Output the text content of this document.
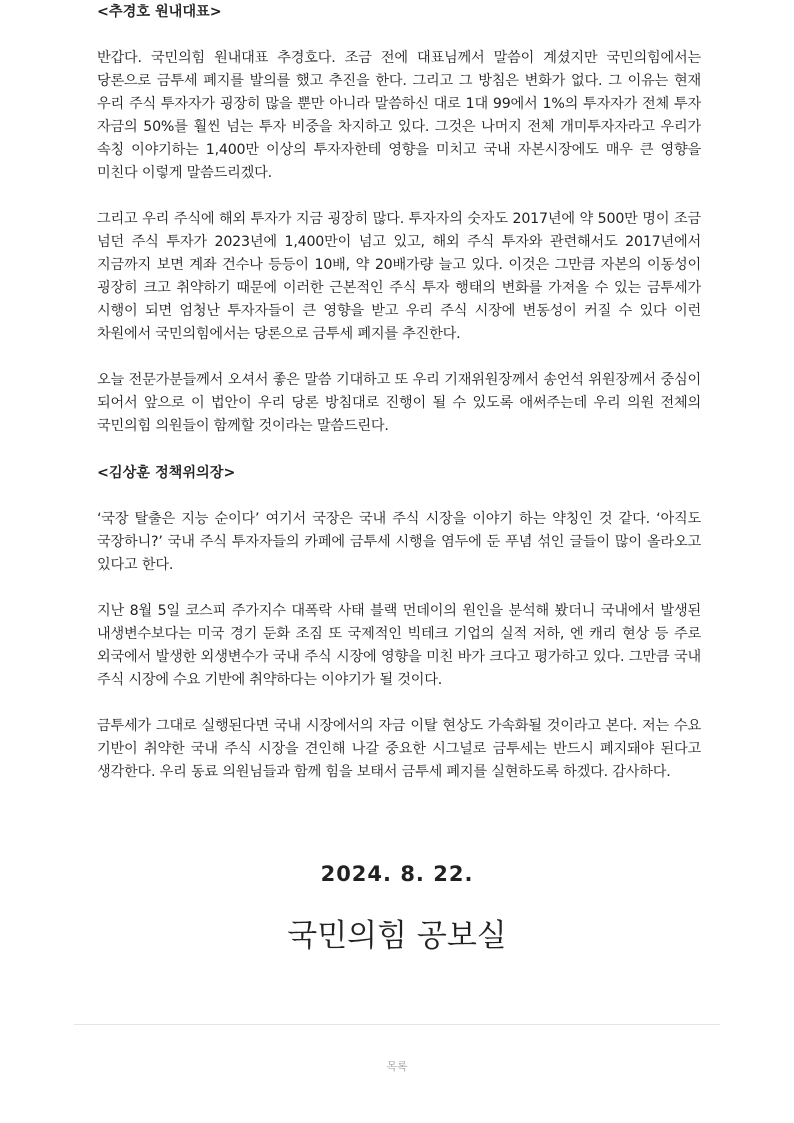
<추경호 원내대표>

반갑다. 국민의힘 원내대표 추경호다. 조금 전에 대표님께서 말씀이 계셨지만 국민의힘에서는 당론으로 금투세 폐지를 발의를 했고 추진을 한다. 그리고 그 방침은 변화가 없다. 그 이유는 현재 우리 주식 투자자가 굉장히 많을 뿐만 아니라 말씀하신 대로 1대 99에서 1%의 투자자가 전체 투자 자금의 50%를 훨씬 넘는 투자 비중을 차지하고 있다. 그것은 나머지 전체 개미투자자라고 우리가 속칭 이야기하는 1,400만 이상의 투자자한테 영향을 미치고 국내 자본시장에도 매우 큰 영향을 미친다 이렇게 말씀드리겠다.

그리고 우리 주식에 해외 투자가 지금 굉장히 많다. 투자자의 숫자도 2017년에 약 500만 명이 조금 넘던 주식 투자가 2023년에 1,400만이 넘고 있고, 해외 주식 투자와 관련해서도 2017년에서 지금까지 보면 계좌 건수나 등등이 10배, 약 20배가량 늘고 있다. 이것은 그만큼 자본의 이동성이 굉장히 크고 취약하기 때문에 이러한 근본적인 주식 투자 행태의 변화를 가져올 수 있는 금투세가 시행이 되면 엄청난 투자자들이 큰 영향을 받고 우리 주식 시장에 변동성이 커질 수 있다 이런 차원에서 국민의힘에서는 당론으로 금투세 폐지를 추진한다.

오늘 전문가분들께서 오셔서 좋은 말씀 기대하고 또 우리 기재위원장께서 송언석 위원장께서 중심이 되어서 앞으로 이 법안이 우리 당론 방침대로 진행이 될 수 있도록 애써주는데 우리 의원 전체의 국민의힘 의원들이 함께할 것이라는 말씀드린다.

<김상훈 정책위의장>

‘국장 탈출은 지능 순이다’ 여기서 국장은 국내 주식 시장을 이야기 하는 약칭인 것 같다. ‘아직도 국장하니?’ 국내 주식 투자자들의 카페에 금투세 시행을 염두에 둔 푸념 섞인 글들이 많이 올라오고 있다고 한다.

지난 8월 5일 코스피 주가지수 대폭락 사태 블랙 먼데이의 원인을 분석해 봤더니 국내에서 발생된 내생변수보다는 미국 경기 둔화 조짐 또 국제적인 빅테크 기업의 실적 저하, 엔 캐리 현상 등 주로 외국에서 발생한 외생변수가 국내 주식 시장에 영향을 미친 바가 크다고 평가하고 있다. 그만큼 국내 주식 시장에 수요 기반에 취약하다는 이야기가 될 것이다.

금투세가 그대로 실행된다면 국내 시장에서의 자금 이탈 현상도 가속화될 것이라고 본다. 저는 수요 기반이 취약한 국내 주식 시장을 견인해 나갈 중요한 시그널로 금투세는 반드시 폐지돼야 된다고 생각한다. 우리 동료 의원님들과 함께 힘을 보태서 금투세 폐지를 실현하도록 하겠다. 감사하다.

2024. 8. 22.
국민의힘 공보실
목록
